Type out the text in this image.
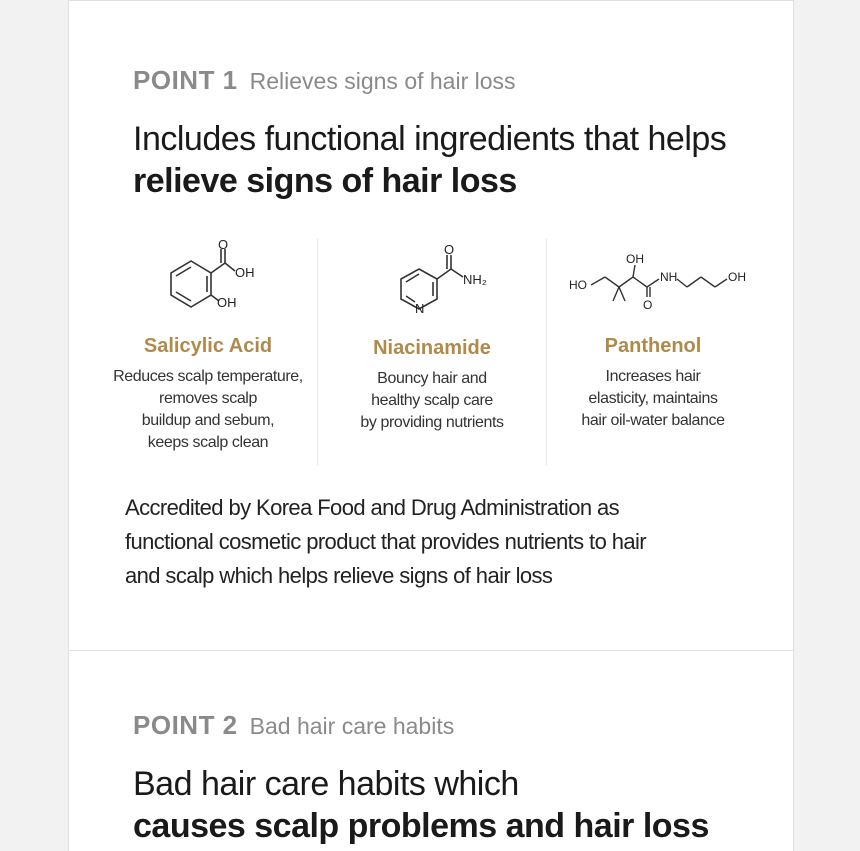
POINT 1 Relieves signs of hair loss
Includes functional ingredients that helps
relieve signs of hair loss
O
OH
OH
Salicylic Acid
Reduces scalp temperature,
removes scalp
buildup and sebum,
keeps scalp clean
O
NH₂
N
Niacinamide
Bouncy hair and
healthy scalp care
by providing nutrients
OH
NH	OH
HO
O
Panthenol
Increases hair
elasticity, maintains
hair oil-water balance
Accredited by Korea Food and Drug Administration as
functional cosmetic product that provides nutrients to hair
and scalp which helps relieve signs of hair loss
POINT 2 Bad hair care habits
Bad hair care habits which
causes scalp problems and hair loss
